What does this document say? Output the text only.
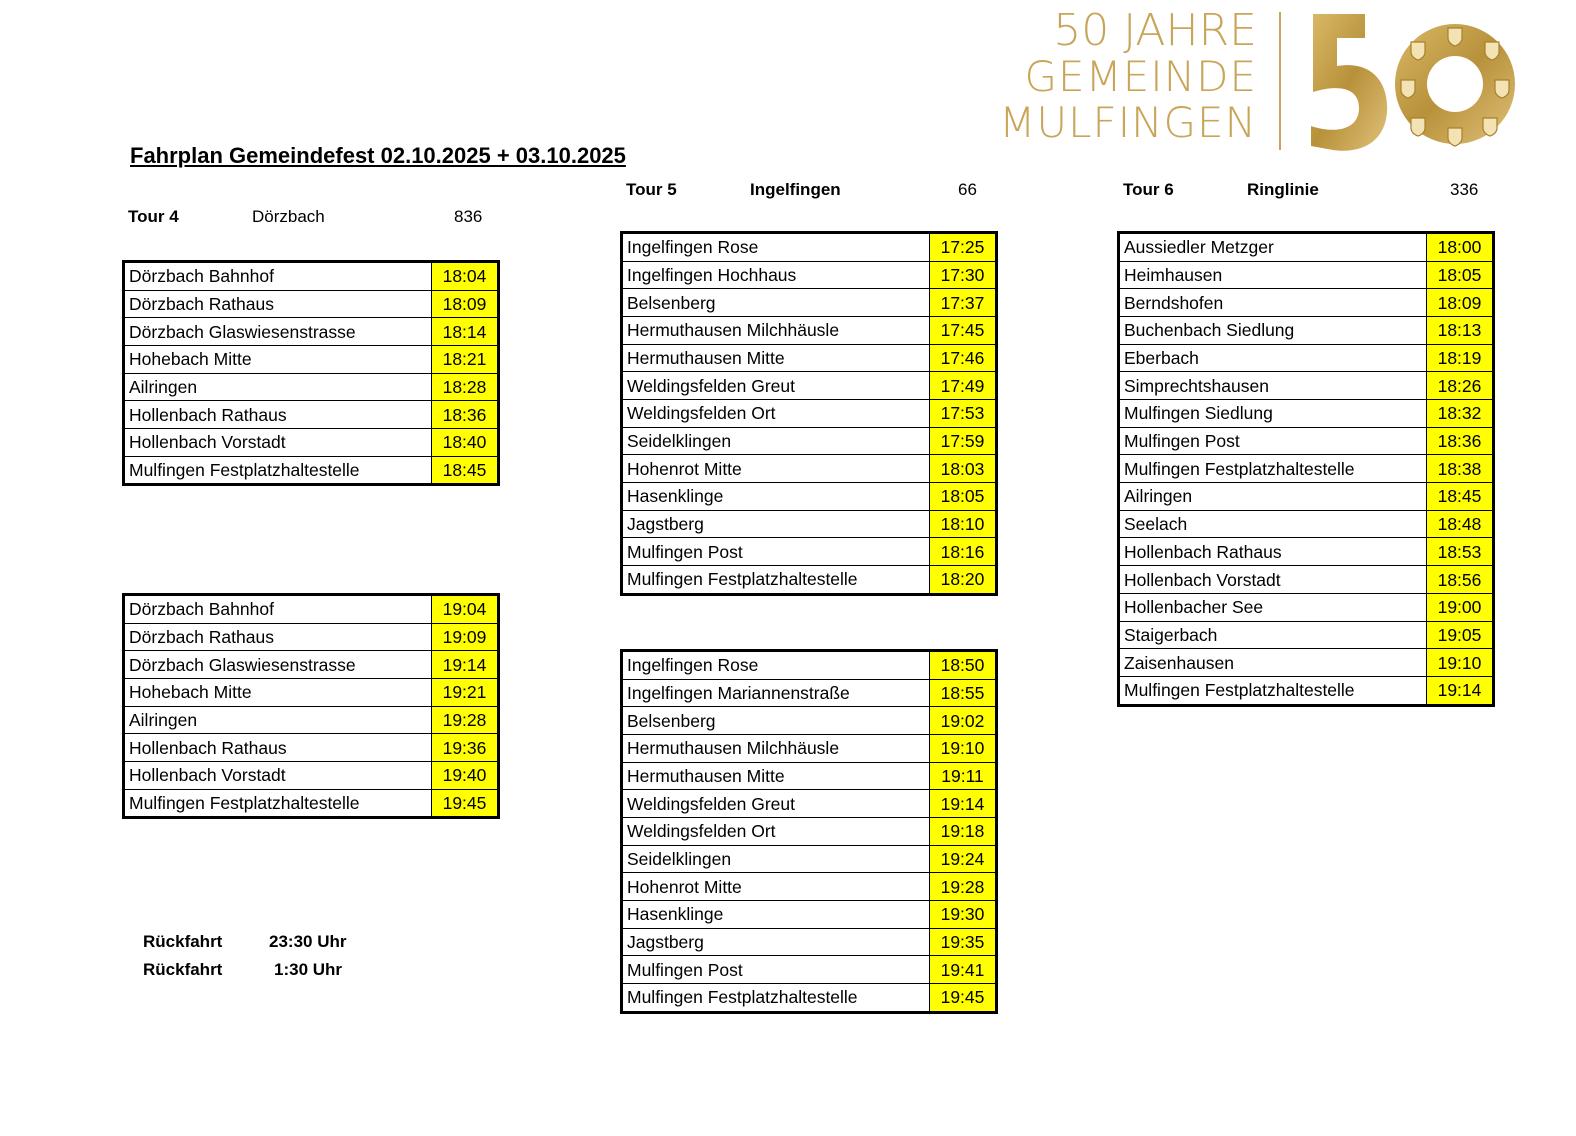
50 JAHRE
GEMEINDE
MULFINGEN
Fahrplan Gemeindefest 02.10.2025 + 03.10.2025
Tour 4	Dörzbach	836
Tour 5	Ingelfingen	66	Tour 6	Ringlinie	336
Dörzbach Bahnhof	18:04
Dörzbach Rathaus	18:09
Dörzbach Glaswiesenstrasse	18:14
Hohebach Mitte	18:21
Ailringen	18:28
Hollenbach Rathaus	18:36
Hollenbach Vorstadt	18:40
Mulfingen Festplatzhaltestelle	18:45
Dörzbach Bahnhof	19:04
Dörzbach Rathaus	19:09
Dörzbach Glaswiesenstrasse	19:14
Hohebach Mitte	19:21
Ailringen	19:28
Hollenbach Rathaus	19:36
Hollenbach Vorstadt	19:40
Mulfingen Festplatzhaltestelle	19:45
Ingelfingen Rose	17:25
Ingelfingen Hochhaus	17:30
Belsenberg	17:37
Hermuthausen Milchhäusle	17:45
Hermuthausen Mitte	17:46
Weldingsfelden Greut	17:49
Weldingsfelden Ort	17:53
Seidelklingen	17:59
Hohenrot Mitte	18:03
Hasenklinge	18:05
Jagstberg	18:10
Mulfingen Post	18:16
Mulfingen Festplatzhaltestelle	18:20
Ingelfingen Rose	18:50
Ingelfingen Mariannenstraße	18:55
Belsenberg	19:02
Hermuthausen Milchhäusle	19:10
Hermuthausen Mitte	19:11
Weldingsfelden Greut	19:14
Weldingsfelden Ort	19:18
Seidelklingen	19:24
Hohenrot Mitte	19:28
Hasenklinge	19:30
Jagstberg	19:35
Mulfingen Post	19:41
Mulfingen Festplatzhaltestelle	19:45
Aussiedler Metzger	18:00
Heimhausen	18:05
Berndshofen	18:09
Buchenbach Siedlung	18:13
Eberbach	18:19
Simprechtshausen	18:26
Mulfingen Siedlung	18:32
Mulfingen Post	18:36
Mulfingen Festplatzhaltestelle	18:38
Ailringen	18:45
Seelach	18:48
Hollenbach Rathaus	18:53
Hollenbach Vorstadt	18:56
Hollenbacher See	19:00
Staigerbach	19:05
Zaisenhausen	19:10
Mulfingen Festplatzhaltestelle	19:14
Rückfahrt	23:30 Uhr
Rückfahrt	1:30 Uhr
